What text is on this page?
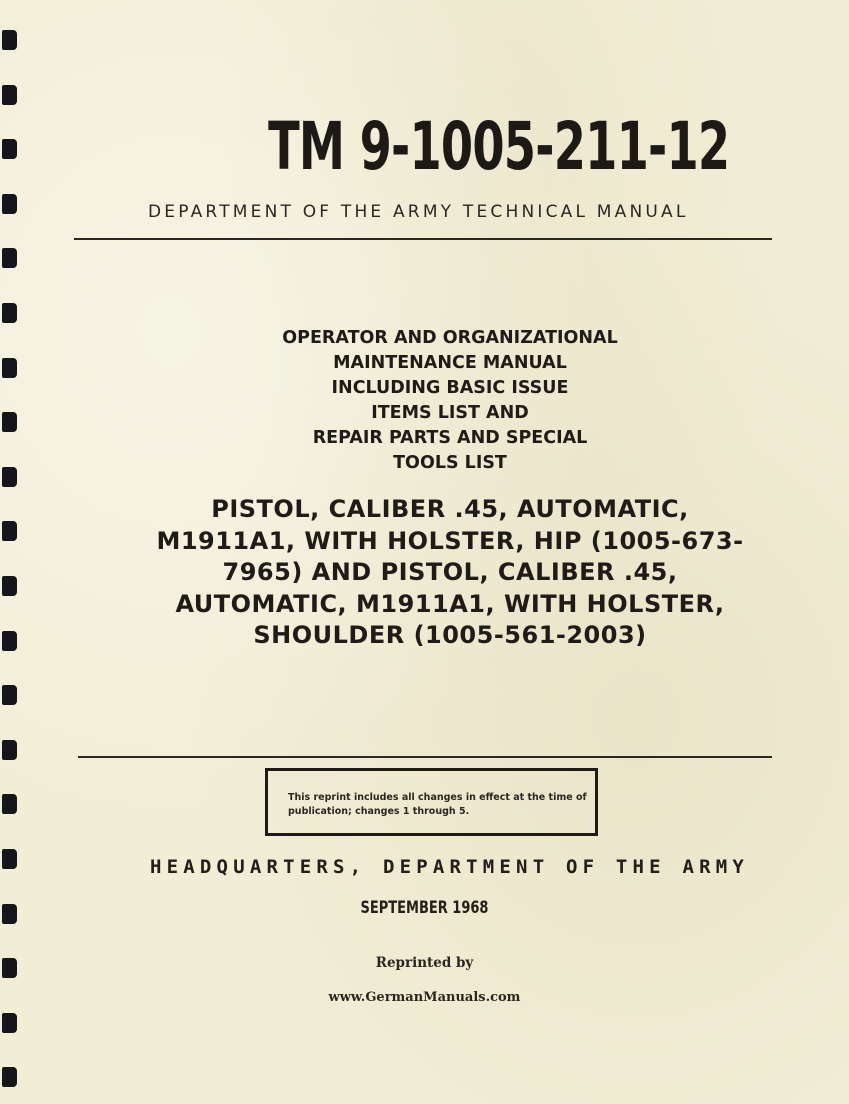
TM 9-1005-211-12
DEPARTMENT OF THE ARMY TECHNICAL MANUAL
OPERATOR AND ORGANIZATIONAL
MAINTENANCE MANUAL
INCLUDING BASIC ISSUE
ITEMS LIST AND
REPAIR PARTS AND SPECIAL
TOOLS LIST
PISTOL, CALIBER .45, AUTOMATIC,
M1911A1, WITH HOLSTER, HIP (1005-673-
7965) AND PISTOL, CALIBER .45,
AUTOMATIC, M1911A1, WITH HOLSTER,
SHOULDER (1005-561-2003)
This reprint includes all changes in effect at the time of
publication; changes 1 through 5.
HEADQUARTERS, DEPARTMENT OF THE ARMY
SEPTEMBER 1968
Reprinted by
www.GermanManuals.com
